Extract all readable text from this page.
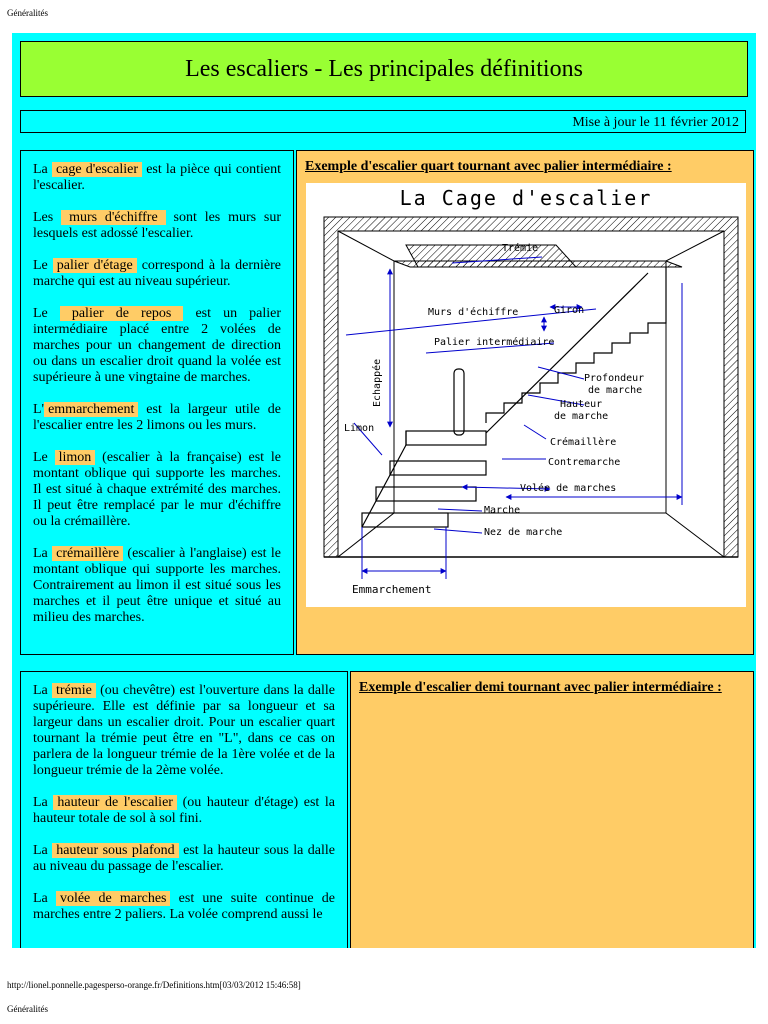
Généralités
Les escaliers - Les principales définitions
Mise à jour le 11 février 2012

La cage d'escalier est la pièce qui contient l'escalier.

Les murs d'échiffre sont les murs sur lesquels est adossé l'escalier.

Le palier d'étage correspond à la dernière marche qui est au niveau supérieur.

Le palier de repos est un palier intermédiaire placé entre 2 volées de marches pour un changement de direction ou dans un escalier droit quand la volée est supérieure à une vingtaine de marches.

L' emmarchement est la largeur utile de l'escalier entre les 2 limons ou les murs.

Le limon (escalier à la française) est le montant oblique qui supporte les marches. Il est situé à chaque extrémité des marches. Il peut être remplacé par le mur d'échiffre ou la crémaillère.

La crémaillère (escalier à l'anglaise) est le montant oblique qui supporte les marches. Contrairement au limon il est situé sous les marches et il peut être unique et situé au milieu des marches.

Exemple d'escalier quart tournant avec palier intermédiaire :
La Cage d'escalier
Trémie
Giron
Murs d'échiffre
Palier intermédiaire
Echappée	Profondeur
de marche
Hauteur
de marche
Limon
Crémaillère
Contremarche
Volée de marches
Marche
Nez de marche
Emmarchement

La trémie (ou chevêtre) est l'ouverture dans la dalle supérieure. Elle est définie par sa longueur et sa largeur dans un escalier droit. Pour un escalier quart tournant la trémie peut être en "L", dans ce cas on parlera de la longueur trémie de la 1ère volée et de la longueur trémie de la 2ème volée.

La hauteur de l'escalier (ou hauteur d'étage) est la hauteur totale de sol à sol fini.

La hauteur sous plafond est la hauteur sous la dalle au niveau du passage de l'escalier.

La volée de marches est une suite continue de marches entre 2 paliers. La volée comprend aussi le

Exemple d'escalier demi tournant avec palier intermédiaire :
http://lionel.ponnelle.pagesperso-orange.fr/Definitions.htm[03/03/2012 15:46:58]
Généralités
